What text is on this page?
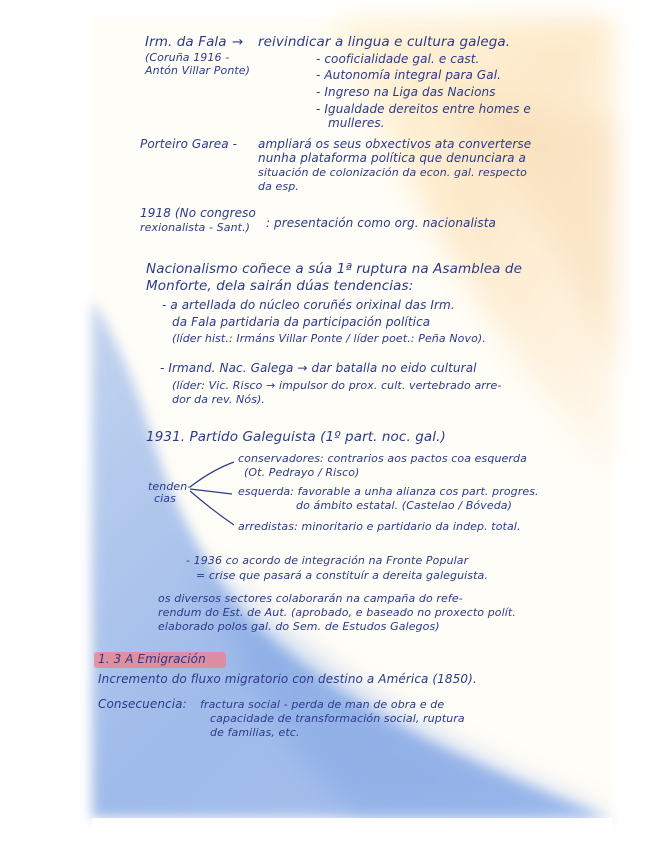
Irm. da Fala → reivindicar a lingua e cultura galega.
(Coruña 1916 -
Antón Villar Ponte)
- cooficialidade gal. e cast.
- Autonomía integral para Gal.
- Ingreso na Liga das Nacions
- Igualdade dereitos entre homes e
mulleres.
Porteiro Garea - ampliará os seus obxectivos ata converterse
nunha plataforma política que denunciara a
situación de colonización da econ. gal. respecto
da esp.
1918 (No congreso
rexionalista - Sant.) : presentación como org. nacionalista
Nacionalismo coñece a súa 1ª ruptura na Asamblea de
Monforte, dela sairán dúas tendencias:
- a arteIlada do núcleo coruñés orixinal das Irm.
da Fala partidaria da participación política
(líder hist.: Irmáns Villar Ponte / líder poet.: Peña Novo).
- Irmand. Nac. Galega → dar batalla no eido cultural
(líder: Vic. Risco → impulsor do prox. cult. vertebrado arre-
dor da rev. Nós).
1931. Partido Galeguista (1º part. noc. gal.)
conservadores: contrarios aos pactos coa esquerda
(Ot. Pedrayo / Risco)
tenden-
cias
esquerda: favorable a unha alianza cos part. progres.
do ámbito estatal. (Castelao / Bóveda)
arredistas: minoritario e partidario da indep. total.
- 1936 co acordo de integración na Fronte Popular
= crise que pasará a constituír a dereita galeguista.
os diversos sectores colaborarán na campaña do refe-
rendum do Est. de Aut. (aprobado, e baseado no proxecto polít.
elaborado polos gal. do Sem. de Estudos Galegos)
1. 3 A Emigración
Incremento do fluxo migratorio con destino a América (1850).
Consecuencia: fractura social - perda de man de obra e de
capacidade de transformación social, ruptura
de familias, etc.
